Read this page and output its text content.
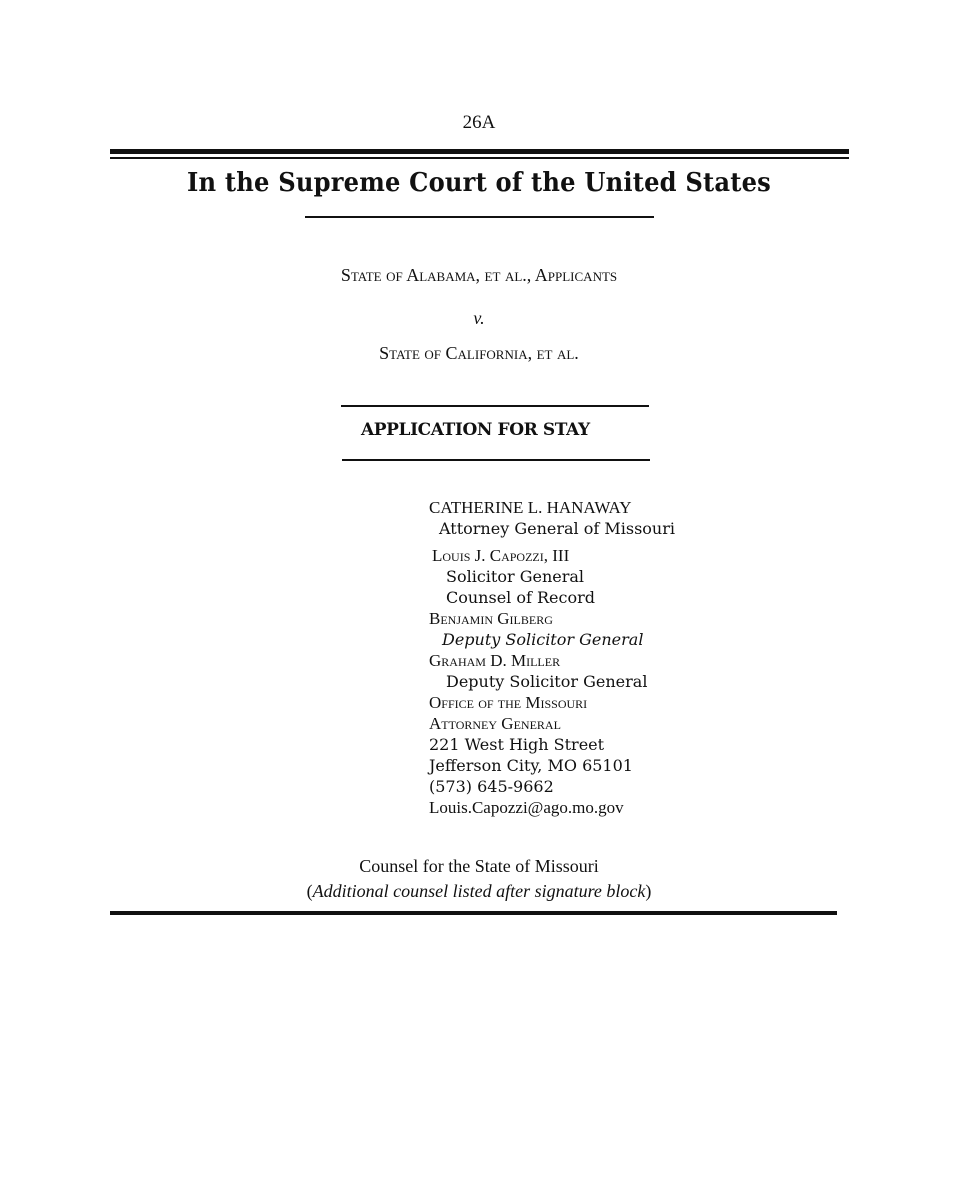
26A
In the Supreme Court of the United States
State of Alabama, et al., Applicants
v.
State of California, et al.
APPLICATION FOR STAY
CATHERINE L. HANAWAY
Attorney General of Missouri
Louis J. Capozzi, III
Solicitor General
Counsel of Record
Benjamin Gilberg
Deputy Solicitor General
Graham D. Miller
Deputy Solicitor General
Office of the Missouri
Attorney General
221 West High Street
Jefferson City, MO 65101
(573) 645-9662
Louis.Capozzi@ago.mo.gov
Counsel for the State of Missouri
(Additional counsel listed after signature block)
